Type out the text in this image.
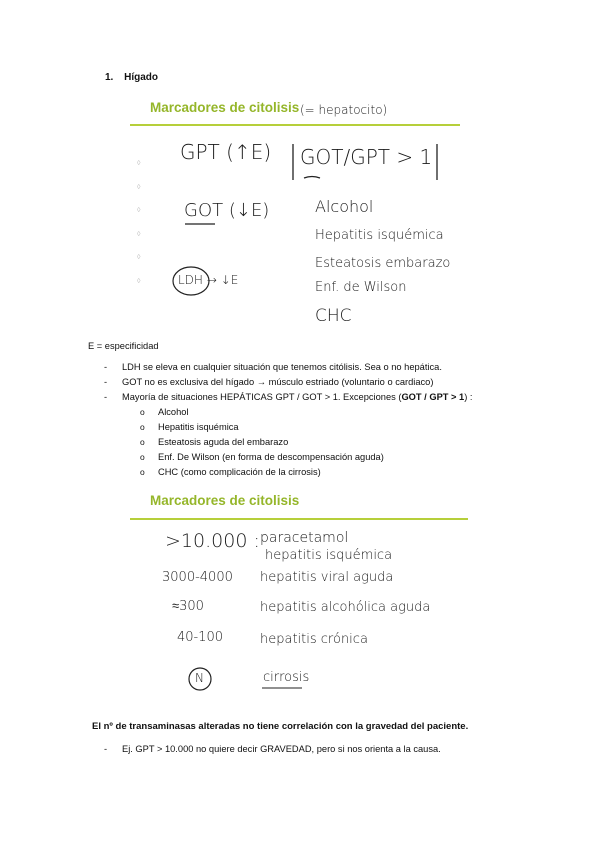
1. Hígado
Marcadores de citolisis (= hepatocito)
◊
◊
◊
◊
◊
◊
GPT (↑E) GOT/GPT > 1
GOT (↓E)	Alcohol
Hepatitis isquémica
Esteatosis embarazo
Enf. de Wilson
CHC
LDH → ↓E
E = especificidad
- LDH se eleva en cualquier situación que tenemos citólisis. Sea o no hepática.
- GOT no es exclusiva del hígado → músculo estriado (voluntario o cardiaco)
- Mayoría de situaciones HEPÁTICAS GPT / GOT > 1. Excepciones (GOT / GPT > 1) :
o Alcohol
o Hepatitis isquémica
o Esteatosis aguda del embarazo
o Enf. De Wilson (en forma de descompensación aguda)
o CHC (como complicación de la cirrosis)
Marcadores de citolisis
>10.000 : paracetamol
hepatitis isquémica
3000-4000 hepatitis viral aguda
≈300	hepatitis alcohólica aguda
40-100	hepatitis crónica
N	cirrosis
El nº de transaminasas alteradas no tiene correlación con la gravedad del paciente.
- Ej. GPT > 10.000 no quiere decir GRAVEDAD, pero si nos orienta a la causa.
